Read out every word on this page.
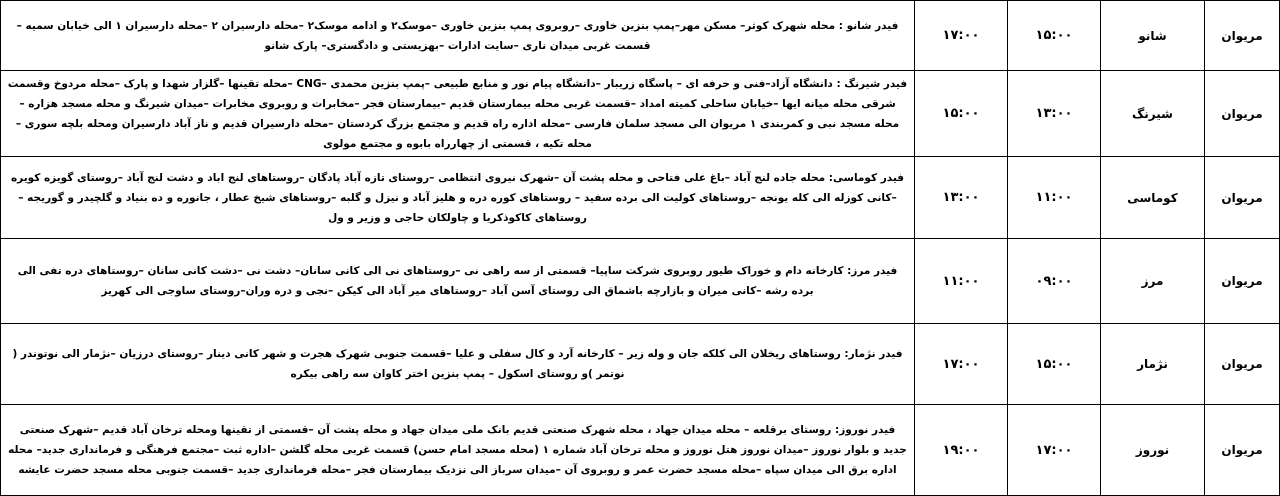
مریوان	شانو	۱۵:۰۰	۱۷:۰۰	فیدر شانو : محله شهرک کوثر– مسکن مهر–پمپ بنزین خاوری –روبروی پمپ بنزین خاوری –موسک۲ و ادامه موسک۲ –محله دارسیران ۲ –محله دارسیران ۱ الی خیابان سمیه –قسمت غربی میدان ناری –سایت ادارات –بهزیستی و دادگستری– پارک شانو
مریوان	شیرنگ	۱۳:۰۰	۱۵:۰۰	فیدر شیرنگ : دانشگاه آزاد–فنی و حرفه ای – پاسگاه زریبار –دانشگاه پیام نور و منابع طبیعی –پمپ بنزین محمدی –CNG –محله تقینها –گلزار شهدا و پارک –محله مردوخ وقسمت شرقی محله میانه ایها –خیابان ساحلی کمیته امداد –قسمت غربی محله بیمارستان قدیم –بیمارستان فجر –مخابرات و روبروی مخابرات –میدان شیرنگ و محله مسجد هزاره –محله مسجد نبی و کمربندی ۱ مریوان الی مسجد سلمان فارسی –محله اداره راه قدیم و مجتمع بزرگ کردستان –محله دارسیران قدیم و ناز آباد دارسیران ومحله بلچه سوری –محله تکیه ، قسمتی از چهارراه بابوه و مجتمع مولوی
مریوان	کوماسی	۱۱:۰۰	۱۳:۰۰	فیدر کوماسی: محله جاده لنج آباد –باغ علی فتاحی و محله پشت آن –شهرک نیروی انتظامی –روستای تازه آباد پادگان –روستاهای لنج اباد و دشت لنج آباد –روستای گویزه کویره –کانی کوزله الی کله یونجه –روستاهای کولیت الی برده سفید – روستاهای کوره دره و هلیز آباد و نیزل و گلبه –روستاهای شیخ عطار ، جانوره و ده بنیاد و گلچیدر و گوریجه –روستاهای کاکوذکریا و چاولکان حاجی و وزیر و ول
مریوان	مرز	۰۹:۰۰	۱۱:۰۰	فیدر مرز: کارخانه دام و خوراک طیور روبروی شرکت ساپیا– قسمتی از سه راهی نی –روستاهای نی الی کانی سانان– دشت نی –دشت کانی سانان –روستاهای دره تفی الی برده رشه –کانی میران و بازارچه باشماق الی روستای آسن آباد –روستاهای میر آباد الی کیکن –نجی و دره وران–روستای ساوجی الی کهریز
مریوان	نژمار	۱۵:۰۰	۱۷:۰۰	فیدر نژمار: روستاهای ریخلان الی کلکه جان و وله زیر – کارخانه آرد و کال سفلی و علیا –قسمت جنوبی شهرک هجرت و شهر کانی دینار –روستای درزیان –نژمار الی نوتوندر ( نوتمر )و روستای اسکول – پمپ بنزین اختر کاوان سه راهی بیکره
مریوان	نوروز	۱۷:۰۰	۱۹:۰۰	فیدر نوروز: روستای برقلعه – محله میدان جهاد ، محله شهرک صنعتی قدیم بانک ملی میدان جهاد و محله پشت آن –قسمتی از تقینها ومحله ترخان آباد قدیم –شهرک صنعتی جدید و بلوار نوروز –میدان نوروز هتل نوروز و محله ترخان آباد شماره ۱ (محله مسجد امام حسن) قسمت غربی محله گلشن –اداره ثبت –مجتمع فرهنگی و فرمانداری جدید– محله اداره برق الی میدان سپاه –محله مسجد حضرت عمر و روبروی آن –میدان سرباز الی نزدیک بیمارستان فجر –محله فرمانداری جدید –قسمت جنوبی محله مسجد حضرت عایشه
